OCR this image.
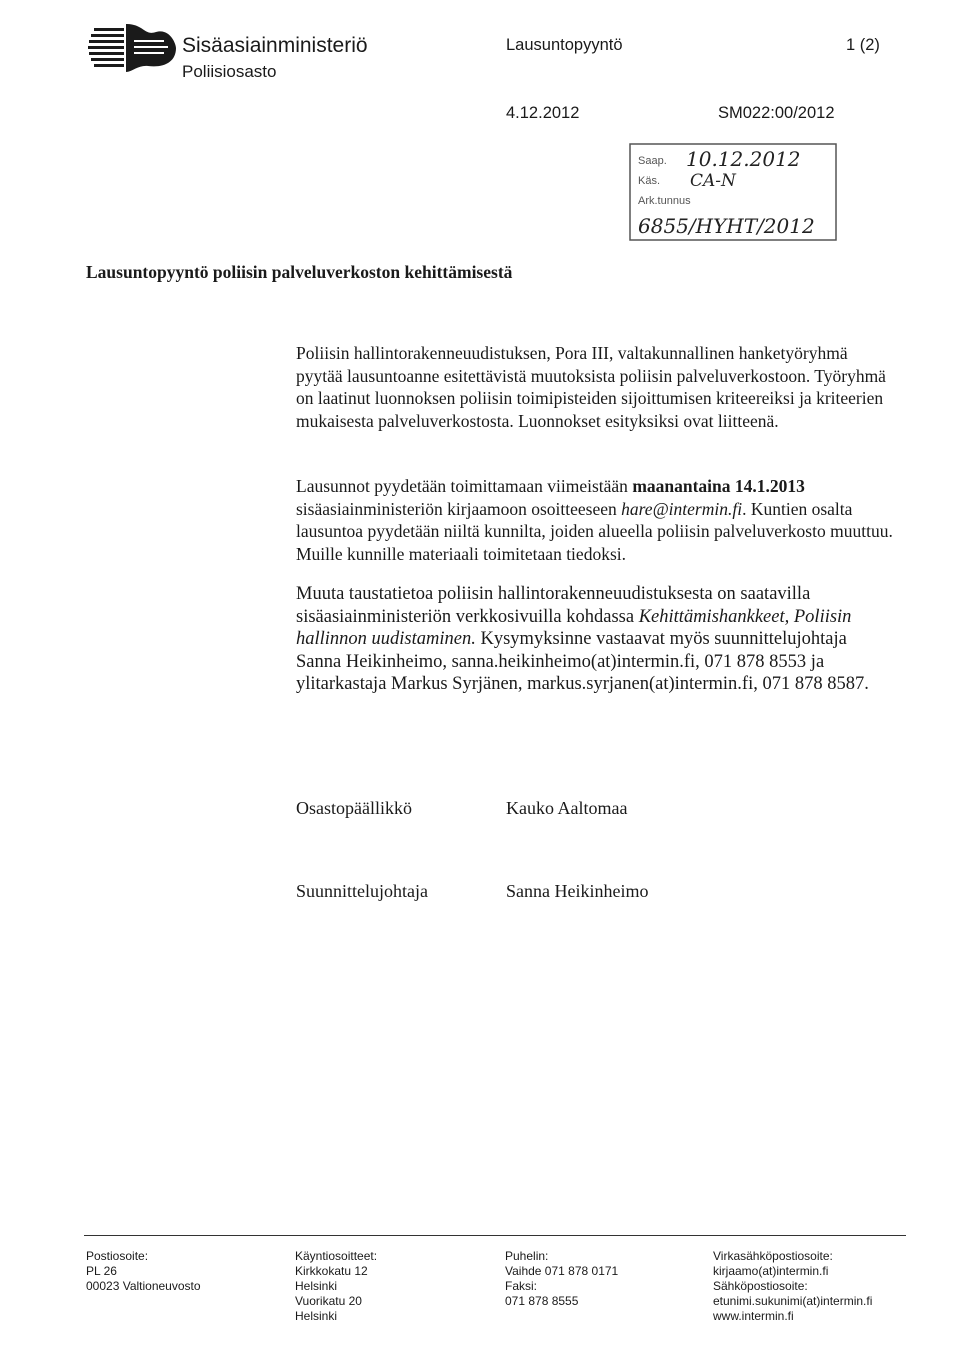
Sisäasiainministeriö
Poliisiosasto
Lausuntopyyntö	1 (2)
4.12.2012	SM022:00/2012
Saap. 10.12.2012
Käs. CA-N
Ark.tunnus
6855/HYHT/2012
Lausuntopyyntö poliisin palveluverkoston kehittämisestä

Poliisin hallintorakenneuudistuksen, Pora III, valtakunnallinen hanketyöryhmä pyytää lausuntoanne esitettävistä muutoksista poliisin palveluverkostoon. Työryhmä on laatinut luonnoksen poliisin toimipisteiden sijoittumisen kriteereiksi ja kriteerien mukaisesta palveluverkostosta. Luonnokset esityksiksi ovat liitteenä.

Lausunnot pyydetään toimittamaan viimeistään maanantaina 14.1.2013 sisäasiainministeriön kirjaamoon osoitteeseen hare@intermin.fi. Kuntien osalta lausuntoa pyydetään niiltä kunnilta, joiden alueella poliisin palveluverkosto muuttuu. Muille kunnille materiaali toimitetaan tiedoksi.

Muuta taustatietoa poliisin hallintorakenneuudistuksesta on saatavilla sisäasiainministeriön verkkosivuilla kohdassa Kehittämishankkeet, Poliisin hallinnon uudistaminen. Kysymyksinne vastaavat myös suunnittelujohtaja Sanna Heikinheimo, sanna.heikinheimo(at)intermin.fi, 071 878 8553 ja ylitarkastaja Markus Syrjänen, markus.syrjanen(at)intermin.fi, 071 878 8587.

Osastopäällikkö	Kauko Aaltomaa
Suunnittelujohtaja	Sanna Heikinheimo
Postiosoite:
PL 26
00023 Valtioneuvosto
Käyntiosoitteet:
Kirkkokatu 12
Helsinki
Vuorikatu 20
Helsinki
Puhelin:
Vaihde 071 878 0171
Faksi:
071 878 8555
Virkasähköpostiosoite:
kirjaamo(at)intermin.fi
Sähköpostiosoite:
etunimi.sukunimi(at)intermin.fi
www.intermin.fi
